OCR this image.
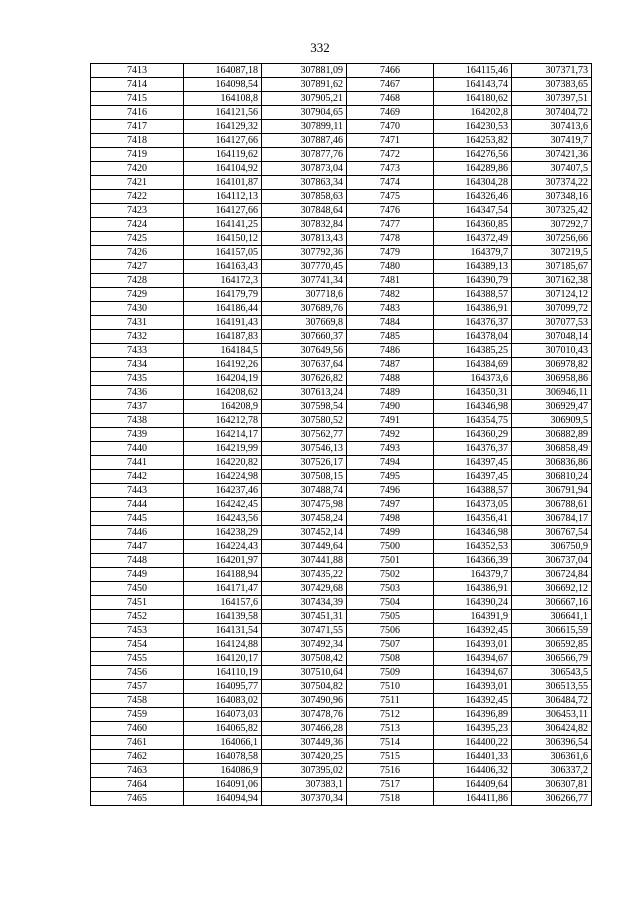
332
7413	164087,18	307881,09	7466	164115,46	307371,73
7414	164098,54	307891,62	7467	164143,74	307383,65
7415	164108,8	307905,21	7468	164180,62	307397,51
7416	164121,56	307904,65	7469	164202,8	307404,72
7417	164129,32	307899,11	7470	164230,53	307413,6
7418	164127,66	307887,46	7471	164253,82	307419,7
7419	164119,62	307877,76	7472	164276,56	307421,36
7420	164104,92	307873,04	7473	164289,86	307407,5
7421	164101,87	307863,34	7474	164304,28	307374,22
7422	164112,13	307858,63	7475	164326,46	307348,16
7423	164127,66	307848,64	7476	164347,54	307325,42
7424	164141,25	307832,84	7477	164360,85	307292,7
7425	164150,12	307813,43	7478	164372,49	307256,66
7426	164157,05	307792,36	7479	164379,7	307219,5
7427	164163,43	307770,45	7480	164389,13	307185,67
7428	164172,3	307741,34	7481	164390,79	307162,38
7429	164179,79	307718,6	7482	164388,57	307124,12
7430	164186,44	307689,76	7483	164386,91	307099,72
7431	164191,43	307669,8	7484	164376,37	307077,53
7432	164187,83	307660,37	7485	164378,04	307048,14
7433	164184,5	307649,56	7486	164385,25	307010,43
7434	164192,26	307637,64	7487	164384,69	306978,82
7435	164204,19	307626,82	7488	164373,6	306958,86
7436	164208,62	307613,24	7489	164350,31	306946,11
7437	164208,9	307598,54	7490	164346,98	306929,47
7438	164212,78	307580,52	7491	164354,75	306909,5
7439	164214,17	307562,77	7492	164360,29	306882,89
7440	164219,99	307546,13	7493	164376,37	306858,49
7441	164220,82	307526,17	7494	164397,45	306836,86
7442	164224,98	307508,15	7495	164397,45	306810,24
7443	164237,46	307488,74	7496	164388,57	306791,94
7444	164242,45	307475,98	7497	164373,05	306788,61
7445	164243,56	307458,24	7498	164356,41	306784,17
7446	164238,29	307452,14	7499	164346,98	306767,54
7447	164224,43	307449,64	7500	164352,53	306750,9
7448	164201,97	307441,88	7501	164366,39	306737,04
7449	164188,94	307435,22	7502	164379,7	306724,84
7450	164171,47	307429,68	7503	164386,91	306692,12
7451	164157,6	307434,39	7504	164390,24	306667,16
7452	164139,58	307451,31	7505	164391,9	306641,1
7453	164131,54	307471,55	7506	164392,45	306615,59
7454	164124,88	307492,34	7507	164393,01	306592,85
7455	164120,17	307508,42	7508	164394,67	306566,79
7456	164110,19	307510,64	7509	164394,67	306543,5
7457	164095,77	307504,82	7510	164393,01	306513,55
7458	164083,02	307490,96	7511	164392,45	306484,72
7459	164073,03	307478,76	7512	164396,89	306453,11
7460	164065,82	307466,28	7513	164395,23	306424,82
7461	164066,1	307449,36	7514	164400,22	306396,54
7462	164078,58	307420,25	7515	164401,33	306361,6
7463	164086,9	307395,02	7516	164406,32	306337,2
7464	164091,06	307383,1	7517	164409,64	306307,81
7465	164094,94	307370,34	7518	164411,86	306266,77
